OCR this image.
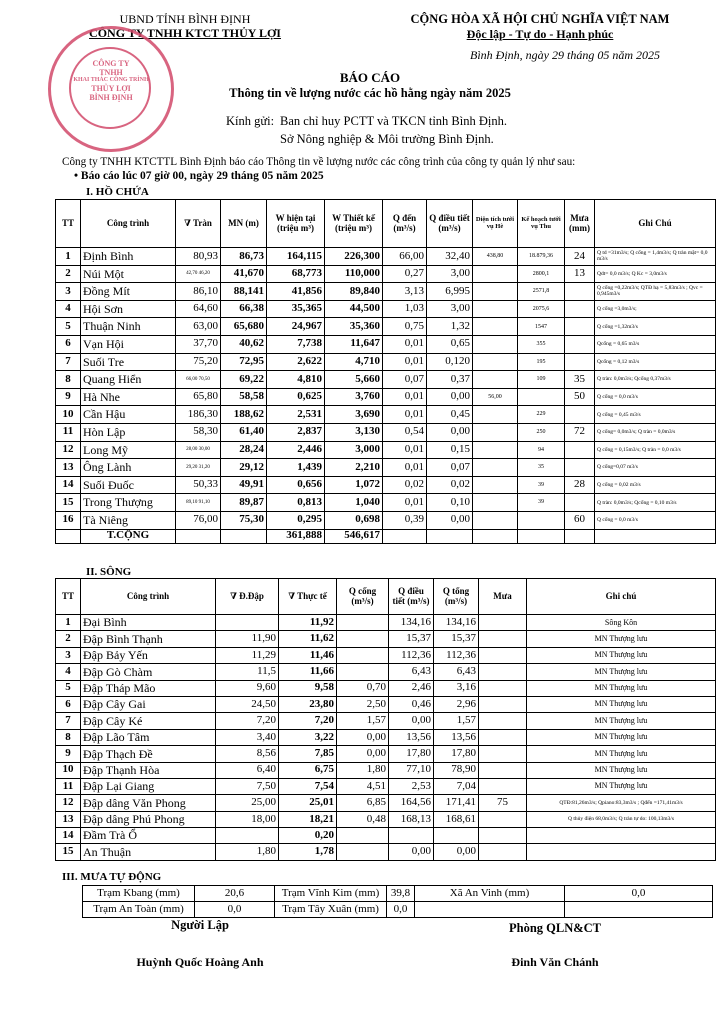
UBND TỈNH BÌNH ĐỊNH
CÔNG TY TNHH KTCT THỦY LỢI
CỘNG HÒA XÃ HỘI CHỦ NGHĨA VIỆT NAM
Độc lập - Tự do - Hạnh phúc
Bình Định, ngày 29 tháng 05 năm 2025
CÔNG TY
TNHH
KHAI THÁC CÔNG TRÌNH
THỦY LỢI
BÌNH ĐỊNH
BÁO CÁO
Thông tin về lượng nước các hồ hằng ngày năm 2025
Kính gửi: Ban chỉ huy PCTT và TKCN tỉnh Bình Định.
Sở Nông nghiệp & Môi trường Bình Định.
Công ty TNHH KTCTTL Bình Định báo cáo Thông tin về lượng nước các công trình của công ty quản lý như sau:
• Báo cáo lúc 07 giờ 00, ngày 29 tháng 05 năm 2025
I. HỒ CHỨA
TT	Công trình	∇ Tràn	MN (m)	W hiện tại (triệu m³)	W Thiết kế (triệu m³)	Q đến (m³/s)	Q điều tiết (m³/s)	Diện tích tưới vụ Hè	Kế hoạch tưới vụ Thu	Mưa (mm)	Ghi Chú
1	Định Bình	80,93	86,73	164,115	226,300	66,00	32,40	438,80	18.879,36	24	Q td =31m3/s; Q cống = 1,4m3/s; Q tràn mặt= 0,0 m3/s
2	Núi Một	42,70 46,20	41,670	68,773	110,000	0,27	3,00		2800,1	13	Qdt= 0,0 m3/s; Q Kc = 3,0m3/s
3	Đồng Mít	86,10	88,141	41,856	89,840	3,13	6,995		2571,8		Q cống =0,22m3/s; QTĐ hạ = 5,83m3/s ; Qvc = 0,945m3/s
4	Hội Sơn	64,60	66,38	35,365	44,500	1,03	3,00		2075,6		Q cống =3,0m3/s;
5	Thuận Ninh	63,00	65,680	24,967	35,360	0,75	1,32		1547		Q cống =1,32m3/s
6	Vạn Hội	37,70	40,62	7,738	11,647	0,01	0,65		355		Qcống = 0,65 m3/s
7	Suối Tre	75,20	72,95	2,622	4,710	0,01	0,120		195		Qcống = 0,12 m3/s
8	Quang Hiển	66,00 70,50	69,22	4,810	5,660	0,07	0,37		109	35	Q tràn: 0,0m3/s; Qcống 0,37m3/s
9	Hà Nhe	65,80	58,58	0,625	3,760	0,01	0,00	56,00		50	Q cống = 0,0 m3/s
10	Cần Hậu	186,30	188,62	2,531	3,690	0,01	0,45		229		Q cống = 0,45 m3/s
11	Hòn Lập	58,30	61,40	2,837	3,130	0,54	0,00		250	72	Q cống= 0,0m3/s; Q tràn = 0,0m3/s
12	Long Mỹ	28,00 30,00	28,24	2,446	3,000	0,01	0,15		94		Q cống = 0,15m3/s; Q tràn = 0,0 m3/s
13	Ông Lành	29,20 31,20	29,12	1,439	2,210	0,01	0,07		35		Q cống=0,07 m3/s
14	Suối Đuốc	50,33	49,91	0,656	1,072	0,02	0,02		39	28	Q cống = 0,02 m3/s
15	Trong Thượng	89,10 91,10	89,87	0,813	1,040	0,01	0,10		39		Q tràn: 0,0m3/s; Qcống = 0,10 m3/s
16	Tà Niêng	76,00	75,30	0,295	0,698	0,39	0,00			60	Q cống = 0,0 m3/s
	T.CỘNG			361,888	546,617						
II. SÔNG
TT	Công trình	∇ Đ.Đập	∇ Thực tế	Q cống (m³/s)	Q điều tiết (m³/s)	Q tổng (m³/s)	Mưa	Ghi chú
1	Đại Bình		11,92		134,16	134,16		Sông Kôn
2	Đập Bình Thạnh	11,90	11,62		15,37	15,37		MN Thượng lưu
3	Đập Bảy Yến	11,29	11,46		112,36	112,36		MN Thượng lưu
4	Đập Gò Chàm	11,5	11,66		6,43	6,43		MN Thượng lưu
5	Đập Tháp Mão	9,60	9,58	0,70	2,46	3,16		MN Thượng lưu
6	Đập Cây Gai	24,50	23,80	2,50	0,46	2,96		MN Thượng lưu
7	Đập Cây Ké	7,20	7,20	1,57	0,00	1,57		MN Thượng lưu
8	Đập Lão Tâm	3,40	3,22	0,00	13,56	13,56		MN Thượng lưu
9	Đập Thạch Đề	8,56	7,85	0,00	17,80	17,80		MN Thượng lưu
10	Đập Thạnh Hòa	6,40	6,75	1,80	77,10	78,90		MN Thượng lưu
11	Đập Lại Giang	7,50	7,54	4,51	2,53	7,04		MN Thượng lưu
12	Đập dâng Văn Phong	25,00	25,01	6,85	164,56	171,41	75	QTĐ:81,26m3/s; Qpiano:83,3m3/s ; Qđến =171,41m3/s
13	Đập dâng Phú Phong	18,00	18,21	0,48	168,13	168,61		Q thủy điện 68,0m3/s; Q tràn tự do: 100,13m3/s
14	Đầm Trà Ổ		0,20					
15	An Thuận	1,80	1,78		0,00	0,00		
III. MƯA TỰ ĐỘNG
Trạm Kbang (mm)	20,6	Trạm Vĩnh Kim (mm)	39,8	Xã An Vinh (mm)	0,0
Trạm An Toàn (mm)	0,0	Trạm Tây Xuân (mm)	0,0		
Người Lập
Huỳnh Quốc Hoàng Anh
Phòng QLN&CT
Đinh Văn Chánh
